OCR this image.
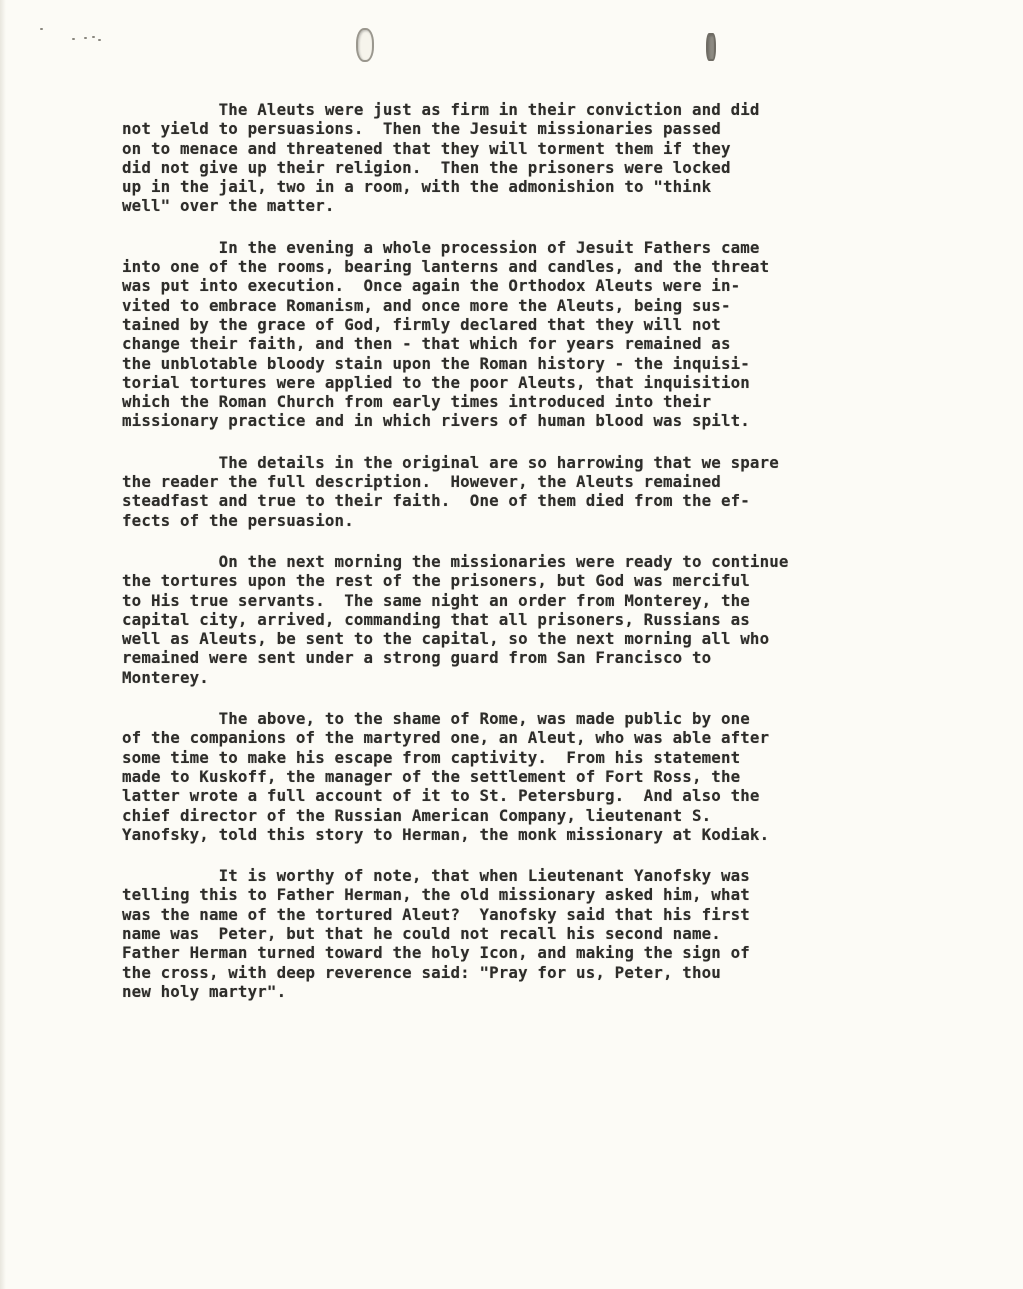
The Aleuts were just as firm in their conviction and did
not yield to persuasions.  Then the Jesuit missionaries passed
on to menace and threatened that they will torment them if they
did not give up their religion.  Then the prisoners were locked
up in the jail, two in a room, with the admonishion to "think
well" over the matter.

In the evening a whole procession of Jesuit Fathers came
into one of the rooms, bearing lanterns and candles, and the threat
was put into execution.  Once again the Orthodox Aleuts were in-
vited to embrace Romanism, and once more the Aleuts, being sus-
tained by the grace of God, firmly declared that they will not
change their faith, and then - that which for years remained as
the unblotable bloody stain upon the Roman history - the inquisi-
torial tortures were applied to the poor Aleuts, that inquisition
which the Roman Church from early times introduced into their
missionary practice and in which rivers of human blood was spilt.

The details in the original are so harrowing that we spare
the reader the full description.  However, the Aleuts remained
steadfast and true to their faith.  One of them died from the ef-
fects of the persuasion.

On the next morning the missionaries were ready to continue
the tortures upon the rest of the prisoners, but God was merciful
to His true servants.  The same night an order from Monterey, the
capital city, arrived, commanding that all prisoners, Russians as
well as Aleuts, be sent to the capital, so the next morning all who
remained were sent under a strong guard from San Francisco to
Monterey.

The above, to the shame of Rome, was made public by one
of the companions of the martyred one, an Aleut, who was able after
some time to make his escape from captivity.  From his statement
made to Kuskoff, the manager of the settlement of Fort Ross, the
latter wrote a full account of it to St. Petersburg.  And also the
chief director of the Russian American Company, lieutenant S.
Yanofsky, told this story to Herman, the monk missionary at Kodiak.

It is worthy of note, that when Lieutenant Yanofsky was
telling this to Father Herman, the old missionary asked him, what
was the name of the tortured Aleut?  Yanofsky said that his first
name was  Peter, but that he could not recall his second name.
Father Herman turned toward the holy Icon, and making the sign of
the cross, with deep reverence said: "Pray for us, Peter, thou
new holy martyr".
